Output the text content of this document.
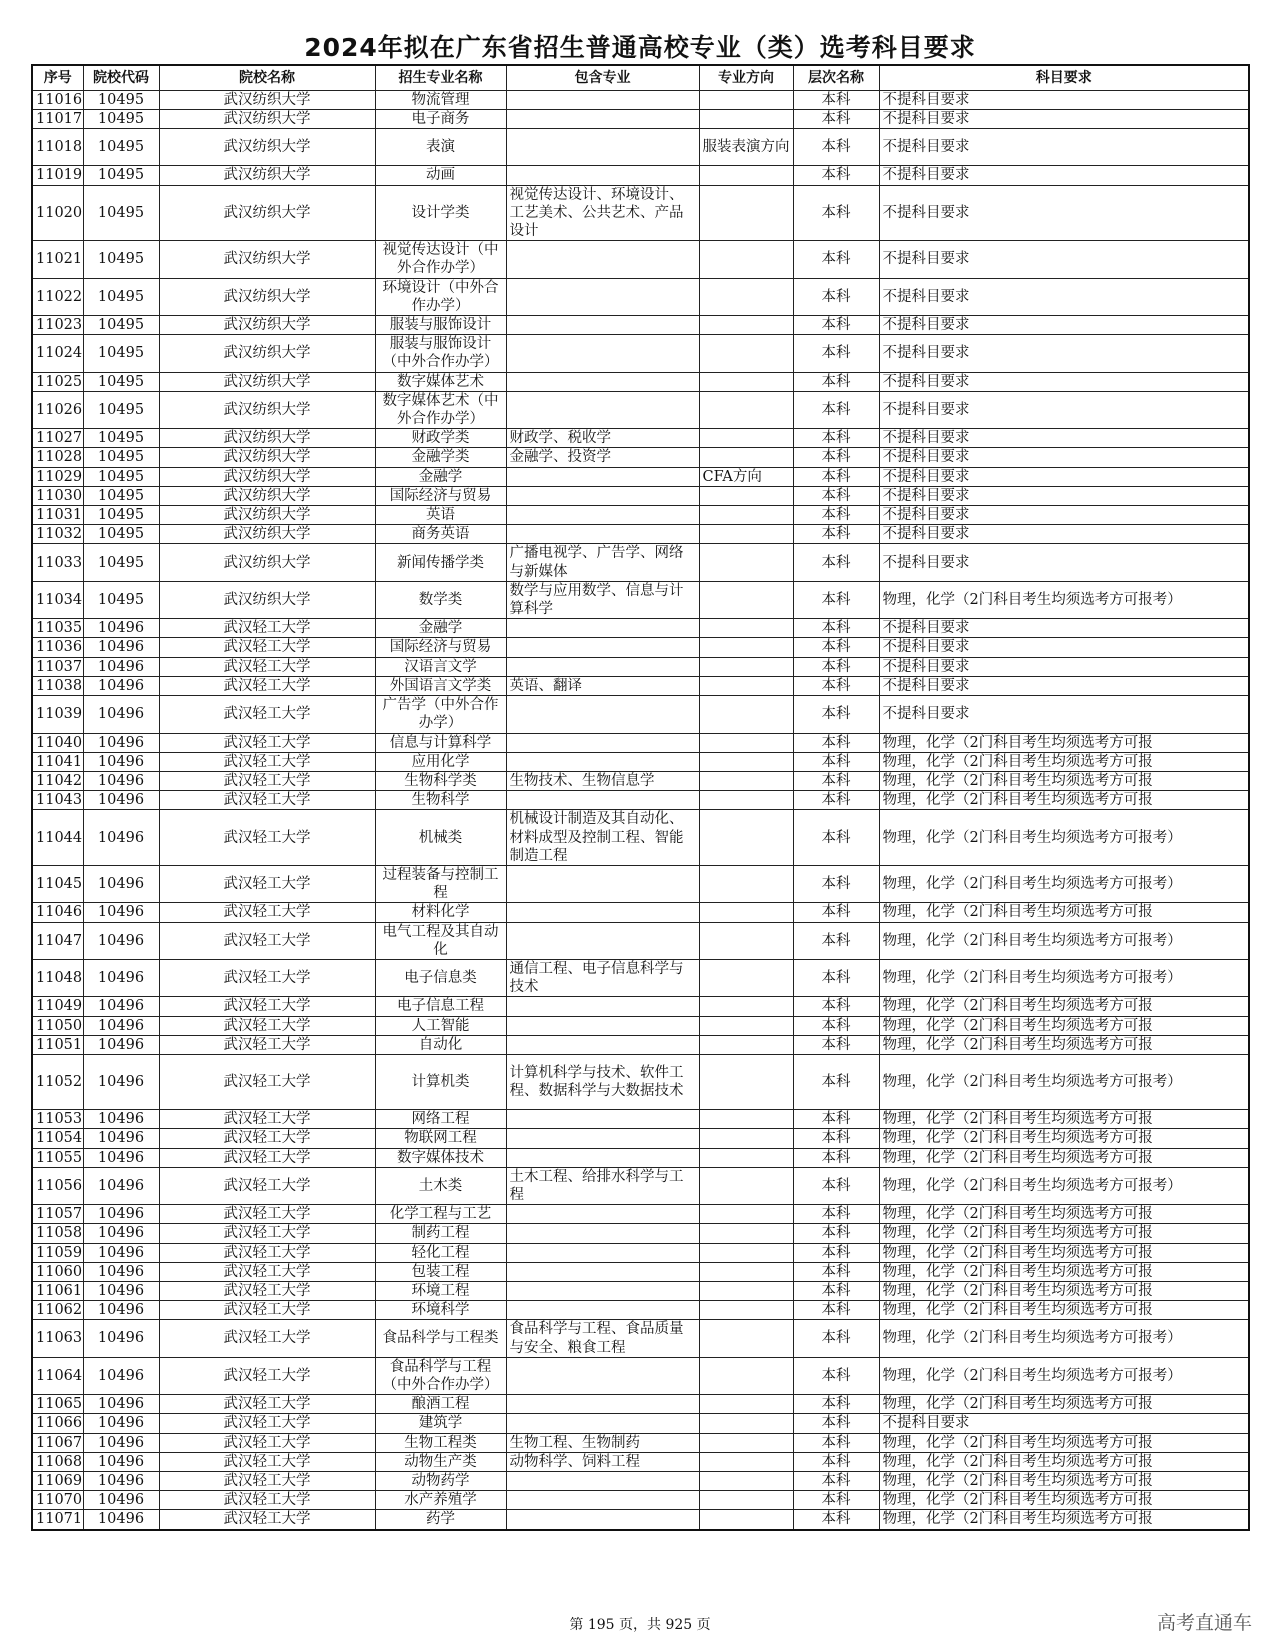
2024年拟在广东省招生普通高校专业（类）选考科目要求
序号	院校代码	院校名称	招生专业名称	包含专业	专业方向	层次名称	科目要求
11016	10495	武汉纺织大学	物流管理			本科	不提科目要求
11017	10495	武汉纺织大学	电子商务			本科	不提科目要求
11018	10495	武汉纺织大学	表演		服装表演方向	本科	不提科目要求
11019	10495	武汉纺织大学	动画			本科	不提科目要求
11020	10495	武汉纺织大学	设计学类	视觉传达设计、环境设计、工艺美术、公共艺术、产品设计		本科	不提科目要求
11021	10495	武汉纺织大学	视觉传达设计（中外合作办学）			本科	不提科目要求
11022	10495	武汉纺织大学	环境设计（中外合作办学）			本科	不提科目要求
11023	10495	武汉纺织大学	服装与服饰设计			本科	不提科目要求
11024	10495	武汉纺织大学	服装与服饰设计（中外合作办学）			本科	不提科目要求
11025	10495	武汉纺织大学	数字媒体艺术			本科	不提科目要求
11026	10495	武汉纺织大学	数字媒体艺术（中外合作办学）			本科	不提科目要求
11027	10495	武汉纺织大学	财政学类	财政学、税收学		本科	不提科目要求
11028	10495	武汉纺织大学	金融学类	金融学、投资学		本科	不提科目要求
11029	10495	武汉纺织大学	金融学		CFA方向	本科	不提科目要求
11030	10495	武汉纺织大学	国际经济与贸易			本科	不提科目要求
11031	10495	武汉纺织大学	英语			本科	不提科目要求
11032	10495	武汉纺织大学	商务英语			本科	不提科目要求
11033	10495	武汉纺织大学	新闻传播学类	广播电视学、广告学、网络与新媒体		本科	不提科目要求
11034	10495	武汉纺织大学	数学类	数学与应用数学、信息与计算科学		本科	物理，化学（2门科目考生均须选考方可报考）
11035	10496	武汉轻工大学	金融学			本科	不提科目要求
11036	10496	武汉轻工大学	国际经济与贸易			本科	不提科目要求
11037	10496	武汉轻工大学	汉语言文学			本科	不提科目要求
11038	10496	武汉轻工大学	外国语言文学类	英语、翻译		本科	不提科目要求
11039	10496	武汉轻工大学	广告学（中外合作办学）			本科	不提科目要求
11040	10496	武汉轻工大学	信息与计算科学			本科	物理，化学（2门科目考生均须选考方可报
11041	10496	武汉轻工大学	应用化学			本科	物理，化学（2门科目考生均须选考方可报
11042	10496	武汉轻工大学	生物科学类	生物技术、生物信息学		本科	物理，化学（2门科目考生均须选考方可报
11043	10496	武汉轻工大学	生物科学			本科	物理，化学（2门科目考生均须选考方可报
11044	10496	武汉轻工大学	机械类	机械设计制造及其自动化、材料成型及控制工程、智能制造工程		本科	物理，化学（2门科目考生均须选考方可报考）
11045	10496	武汉轻工大学	过程装备与控制工程			本科	物理，化学（2门科目考生均须选考方可报考）
11046	10496	武汉轻工大学	材料化学			本科	物理，化学（2门科目考生均须选考方可报
11047	10496	武汉轻工大学	电气工程及其自动化			本科	物理，化学（2门科目考生均须选考方可报考）
11048	10496	武汉轻工大学	电子信息类	通信工程、电子信息科学与技术		本科	物理，化学（2门科目考生均须选考方可报考）
11049	10496	武汉轻工大学	电子信息工程			本科	物理，化学（2门科目考生均须选考方可报
11050	10496	武汉轻工大学	人工智能			本科	物理，化学（2门科目考生均须选考方可报
11051	10496	武汉轻工大学	自动化			本科	物理，化学（2门科目考生均须选考方可报
11052	10496	武汉轻工大学	计算机类	计算机科学与技术、软件工程、数据科学与大数据技术		本科	物理，化学（2门科目考生均须选考方可报考）
11053	10496	武汉轻工大学	网络工程			本科	物理，化学（2门科目考生均须选考方可报
11054	10496	武汉轻工大学	物联网工程			本科	物理，化学（2门科目考生均须选考方可报
11055	10496	武汉轻工大学	数字媒体技术			本科	物理，化学（2门科目考生均须选考方可报
11056	10496	武汉轻工大学	土木类	土木工程、给排水科学与工程		本科	物理，化学（2门科目考生均须选考方可报考）
11057	10496	武汉轻工大学	化学工程与工艺			本科	物理，化学（2门科目考生均须选考方可报
11058	10496	武汉轻工大学	制药工程			本科	物理，化学（2门科目考生均须选考方可报
11059	10496	武汉轻工大学	轻化工程			本科	物理，化学（2门科目考生均须选考方可报
11060	10496	武汉轻工大学	包装工程			本科	物理，化学（2门科目考生均须选考方可报
11061	10496	武汉轻工大学	环境工程			本科	物理，化学（2门科目考生均须选考方可报
11062	10496	武汉轻工大学	环境科学			本科	物理，化学（2门科目考生均须选考方可报
11063	10496	武汉轻工大学	食品科学与工程类	食品科学与工程、食品质量与安全、粮食工程		本科	物理，化学（2门科目考生均须选考方可报考）
11064	10496	武汉轻工大学	食品科学与工程（中外合作办学）			本科	物理，化学（2门科目考生均须选考方可报考）
11065	10496	武汉轻工大学	酿酒工程			本科	物理，化学（2门科目考生均须选考方可报
11066	10496	武汉轻工大学	建筑学			本科	不提科目要求
11067	10496	武汉轻工大学	生物工程类	生物工程、生物制药		本科	物理，化学（2门科目考生均须选考方可报
11068	10496	武汉轻工大学	动物生产类	动物科学、饲料工程		本科	物理，化学（2门科目考生均须选考方可报
11069	10496	武汉轻工大学	动物药学			本科	物理，化学（2门科目考生均须选考方可报
11070	10496	武汉轻工大学	水产养殖学			本科	物理，化学（2门科目考生均须选考方可报
11071	10496	武汉轻工大学	药学			本科	物理，化学（2门科目考生均须选考方可报
第 195 页，共 925 页	高考直通车
